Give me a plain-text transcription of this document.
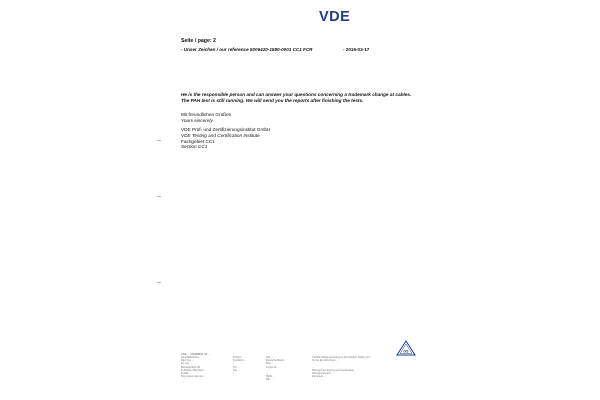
VDE
Seite / page: 2
- Unser Zeichen / our reference 5006420-1580-0001 CC1 FCR	- 2016-03-17
He is the responsible person and can answer your questions concerning a trademark change at cables.
The PAH test is still running. We will send you the reports after finishing the tests.
Mit freundlichen Grüßen
Yours sincerely
VDE Prüf- und Zertifizierungsinstitut GmbH
VDE Testing and Certification Institute
Fachgebiet CC1
Section CC1
VDE ... MEMBER OF ...
Geschäftsführer
Dipl.-Ing. ...
Dr.-Ing. ...
Merianstraße 28
D-63069 Offenbach
E-Mail: ...
http://www.vde.com
Telefon
Frankfurt ...
...
Tel. ...
Fax ...
...
Sitz ...
Deutsche Bank ...
BLZ ...
Konto-Nr. ...
...
...
IBAN ...
DE ...
Certified Body according to the Product Safety Act ...
by the EU Directives ...
...
...
Recognized Testing and Certification ...
Recognized IEC ...
European ...
GS
